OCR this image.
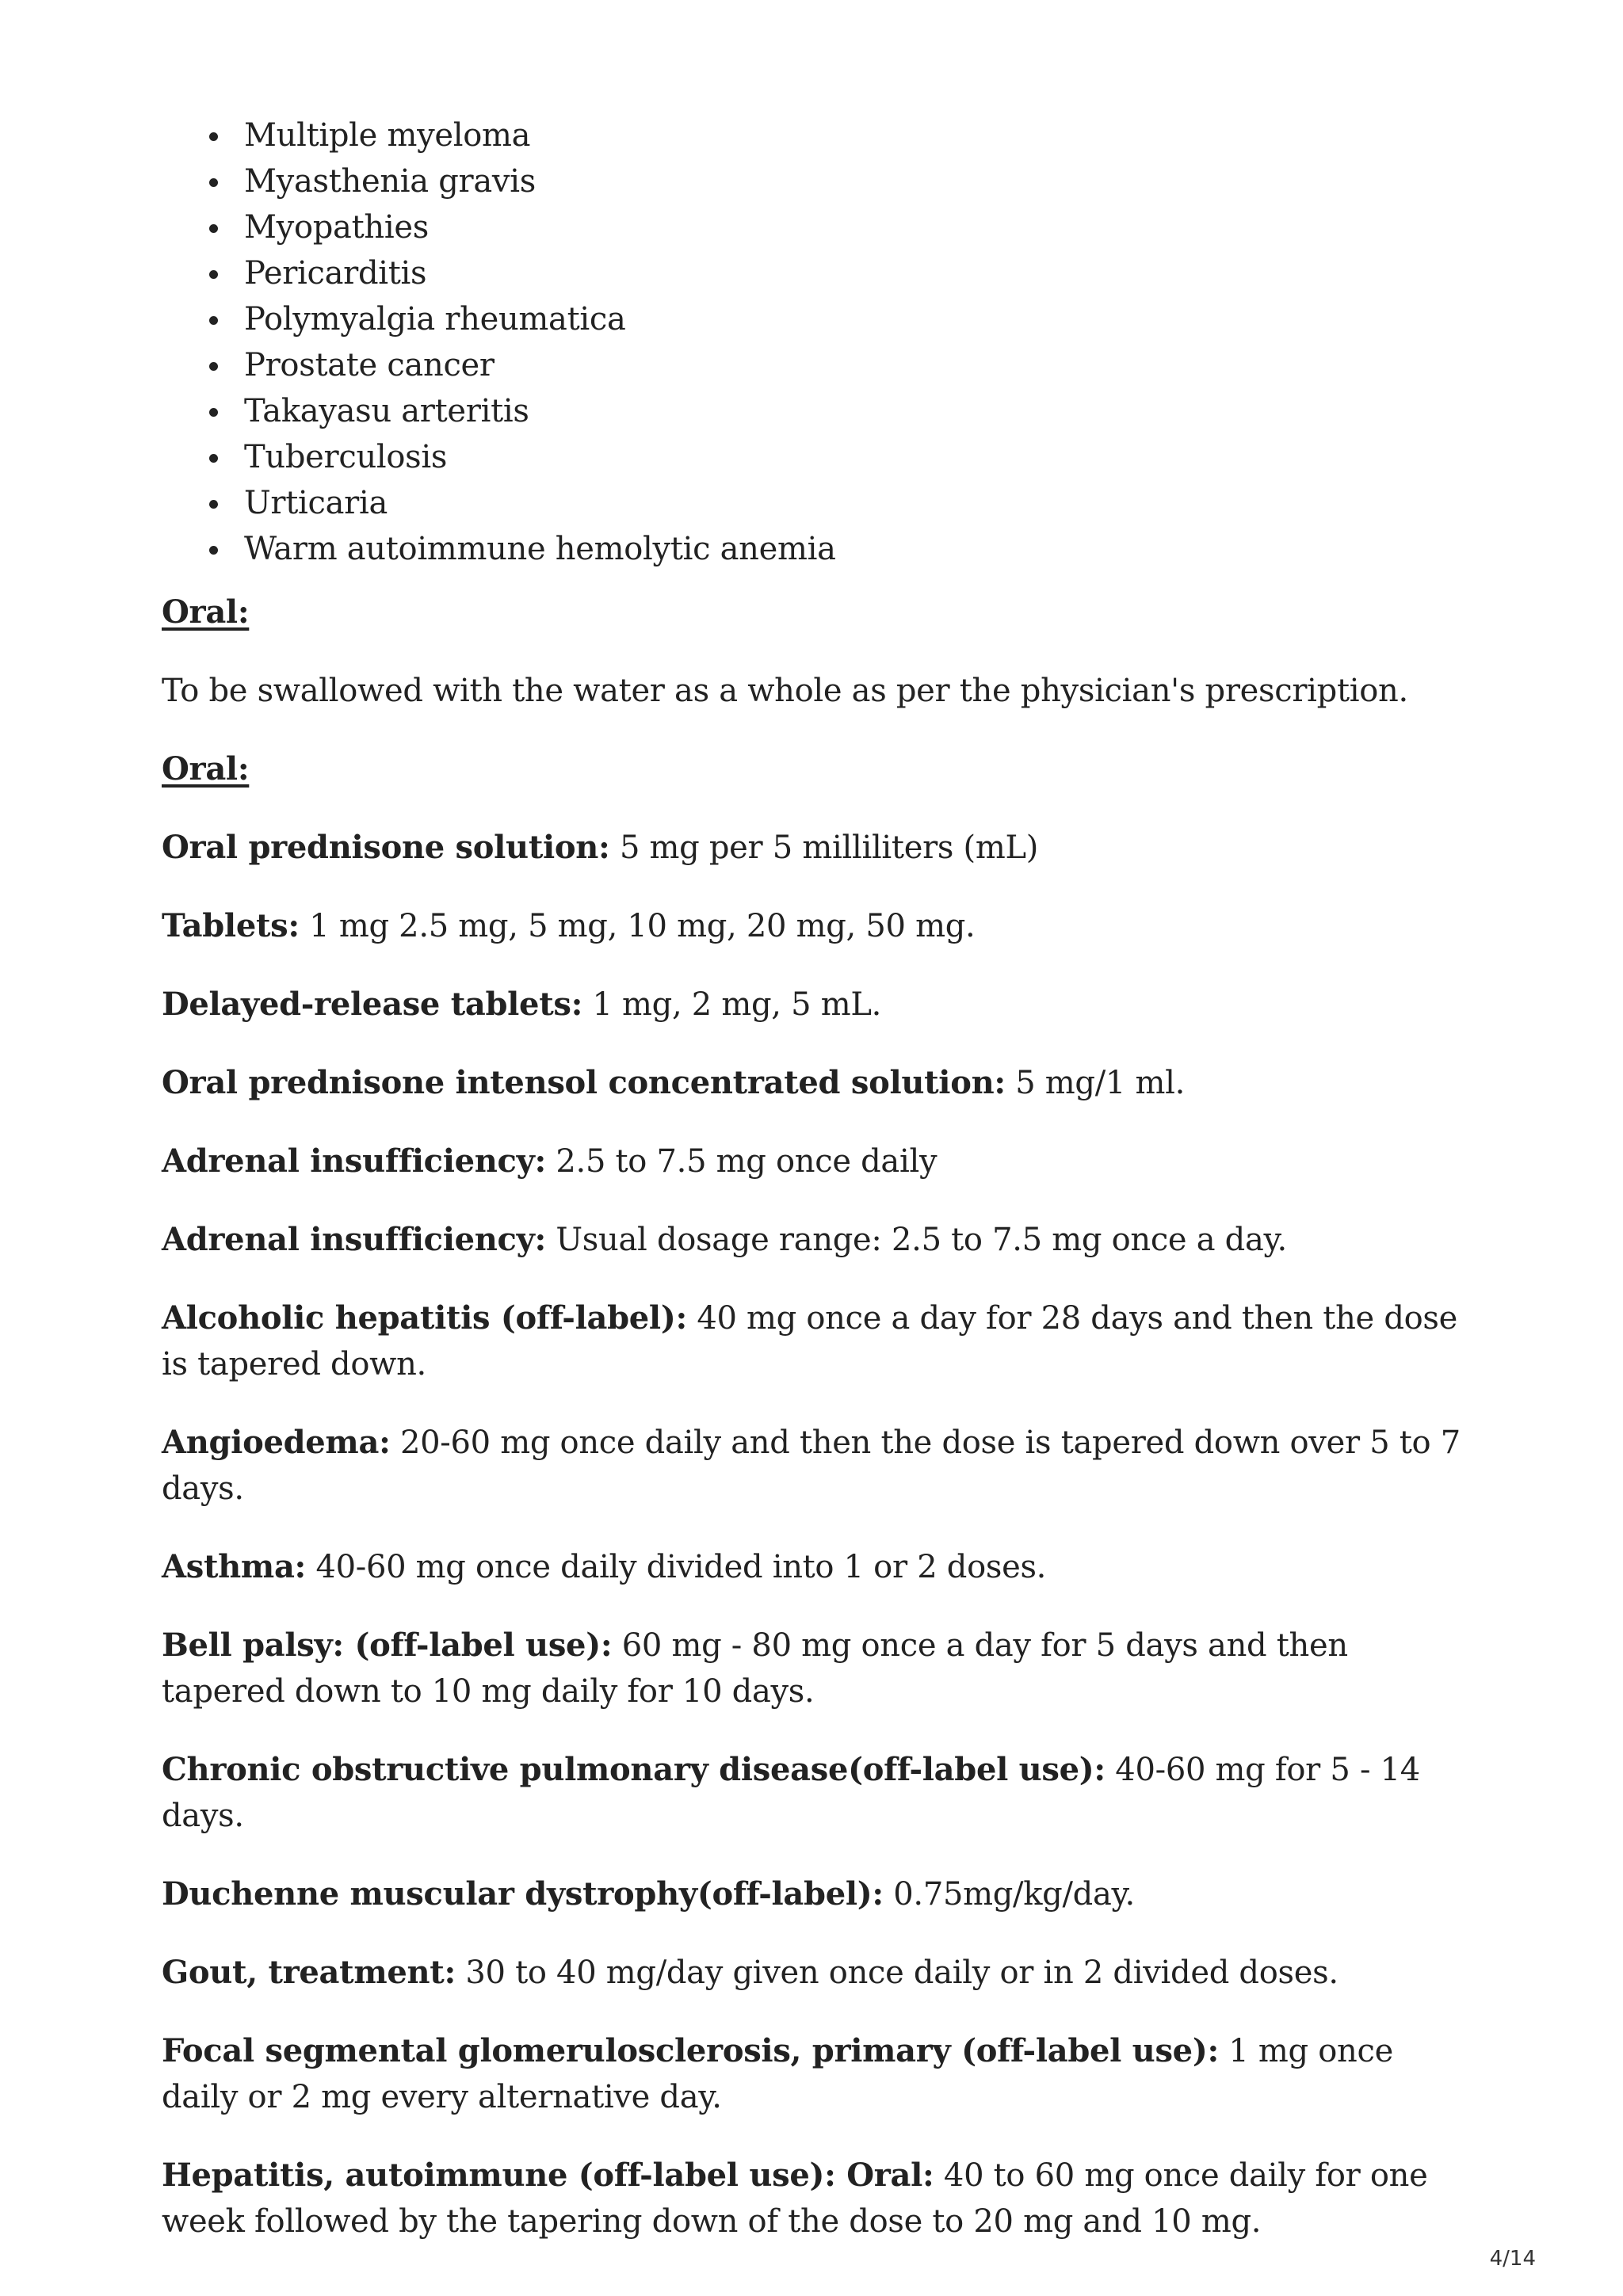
Multiple myeloma
Myasthenia gravis
Myopathies
Pericarditis
Polymyalgia rheumatica
Prostate cancer
Takayasu arteritis
Tuberculosis
Urticaria
Warm autoimmune hemolytic anemia
Oral:

To be swallowed with the water as a whole as per the physician's prescription.

Oral:

Oral prednisone solution: 5 mg per 5 milliliters (mL)

Tablets: 1 mg 2.5 mg, 5 mg, 10 mg, 20 mg, 50 mg.

Delayed-release tablets: 1 mg, 2 mg, 5 mL.

Oral prednisone intensol concentrated solution: 5 mg/1 ml.

Adrenal insufficiency: 2.5 to 7.5 mg once daily

Adrenal insufficiency: Usual dosage range: 2.5 to 7.5 mg once a day.

Alcoholic hepatitis (off-label): 40 mg once a day for 28 days and then the dose is tapered down.

Angioedema: 20-60 mg once daily and then the dose is tapered down over 5 to 7 days.

Asthma: 40-60 mg once daily divided into 1 or 2 doses.

Bell palsy: (off-label use): 60 mg - 80 mg once a day for 5 days and then tapered down to 10 mg daily for 10 days.

Chronic obstructive pulmonary disease(off-label use): 40-60 mg for 5 - 14 days.

Duchenne muscular dystrophy(off-label): 0.75mg/kg/day.

Gout, treatment: 30 to 40 mg/day given once daily or in 2 divided doses.

Focal segmental glomerulosclerosis, primary (off-label use): 1 mg once daily or 2 mg every alternative day.

Hepatitis, autoimmune (off-label use): Oral: 40 to 60 mg once daily for one week followed by the tapering down of the dose to 20 mg and 10 mg.

4/14
